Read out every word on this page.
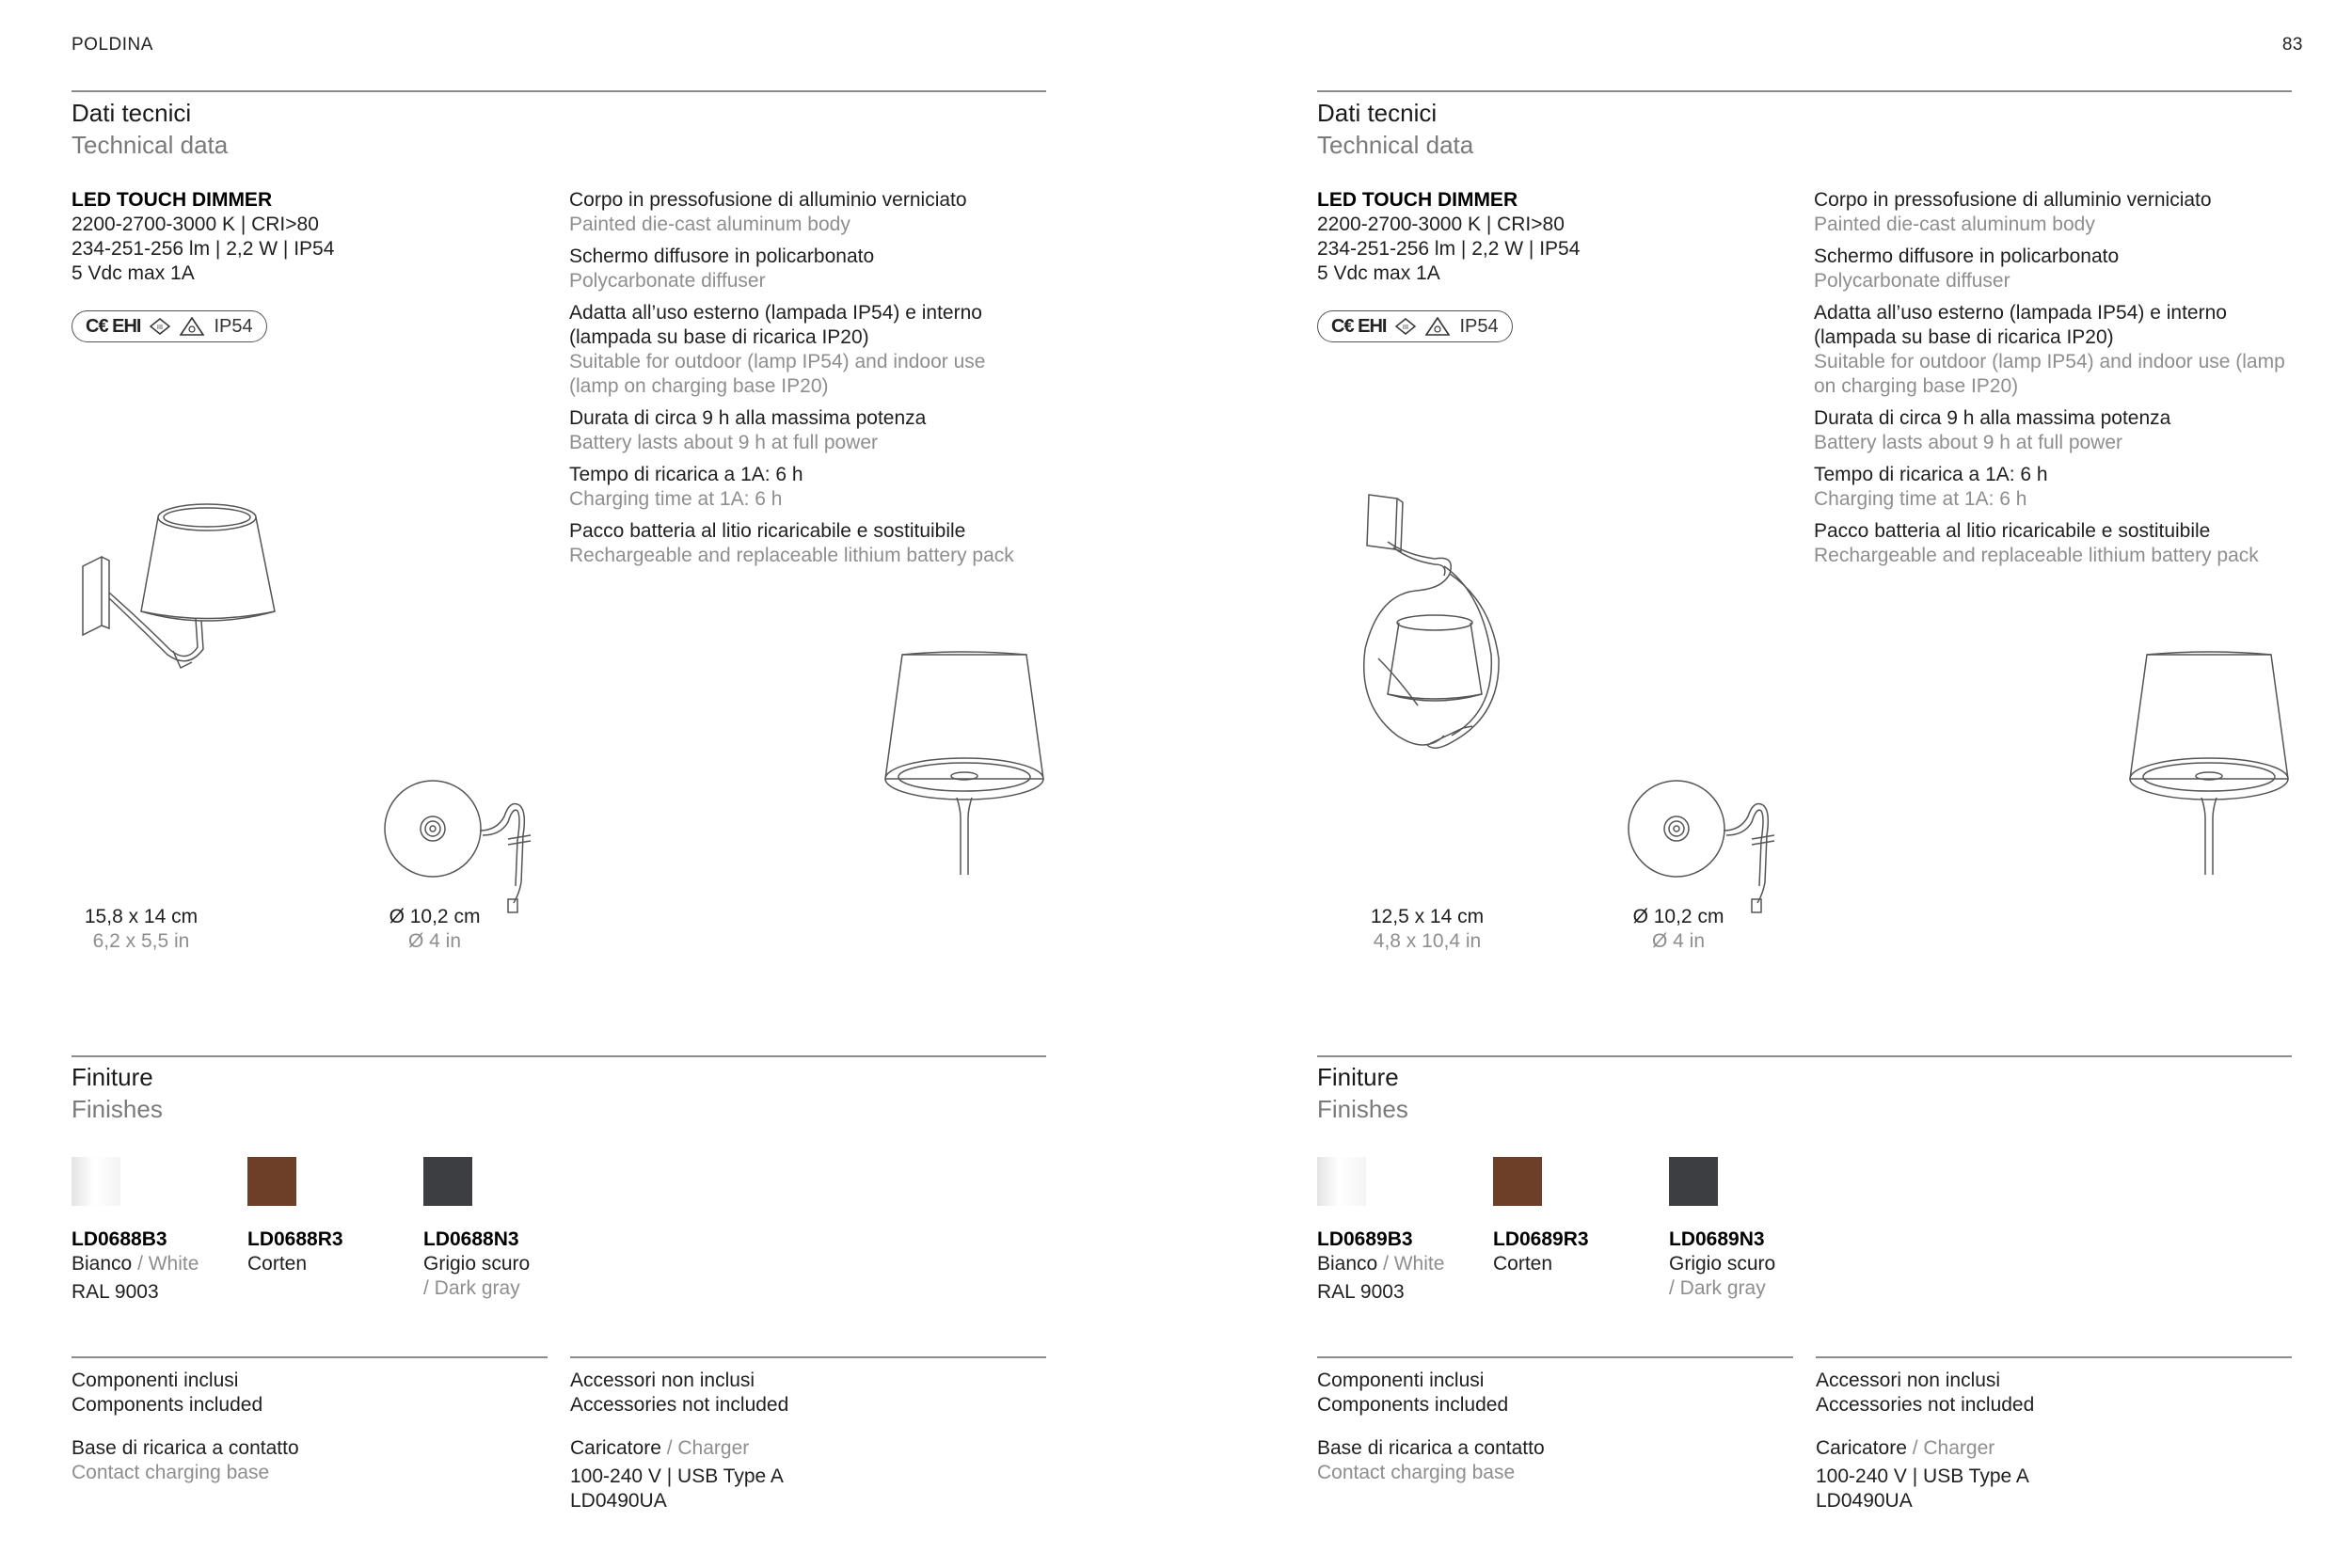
POLDINA	83
Dati tecnici
Technical data
LED TOUCH DIMMER
2200-2700-3000 K | CRI>80
234-251-256 lm | 2,2 W | IP54
5 Vdc max 1A
C€ EHI	III	IP54
Corpo in pressofusione di alluminio verniciato
Painted die-cast aluminum body
Schermo diffusore in policarbonato
Polycarbonate diffuser
Adatta all’uso esterno (lampada IP54) e interno (lampada su base di ricarica IP20)
Suitable for outdoor (lamp IP54) and indoor use (lamp on charging base IP20)
Durata di circa 9 h alla massima potenza
Battery lasts about 9 h at full power
Tempo di ricarica a 1A: 6 h
Charging time at 1A: 6 h
Pacco batteria al litio ricaricabile e sostituibile
Rechargeable and replaceable lithium battery pack
15,8 x 14 cm
6,2 x 5,5 in
Ø 10,2 cm
Ø 4 in
Finiture
Finishes
LD0688B3
Bianco / White
RAL 9003
LD0688R3
Corten
LD0688N3
Grigio scuro
/ Dark gray
Componenti inclusi
Components included
Base di ricarica a contatto
Contact charging base
Accessori non inclusi
Accessories not included
Caricatore / Charger
100-240 V | USB Type A
LD0490UA
Dati tecnici
Technical data
LED TOUCH DIMMER
2200-2700-3000 K | CRI>80
234-251-256 lm | 2,2 W | IP54
5 Vdc max 1A
C€ EHI	III	IP54
Corpo in pressofusione di alluminio verniciato
Painted die-cast aluminum body
Schermo diffusore in policarbonato
Polycarbonate diffuser
Adatta all’uso esterno (lampada IP54) e interno (lampada su base di ricarica IP20)
Suitable for outdoor (lamp IP54) and indoor use (lamp on charging base IP20)
Durata di circa 9 h alla massima potenza
Battery lasts about 9 h at full power
Tempo di ricarica a 1A: 6 h
Charging time at 1A: 6 h
Pacco batteria al litio ricaricabile e sostituibile
Rechargeable and replaceable lithium battery pack
12,5 x 14 cm
4,8 x 10,4 in
Ø 10,2 cm
Ø 4 in
Finiture
Finishes
LD0689B3
Bianco / White
RAL 9003
LD0689R3
Corten
LD0689N3
Grigio scuro
/ Dark gray
Componenti inclusi
Components included
Base di ricarica a contatto
Contact charging base
Accessori non inclusi
Accessories not included
Caricatore / Charger
100-240 V | USB Type A
LD0490UA
